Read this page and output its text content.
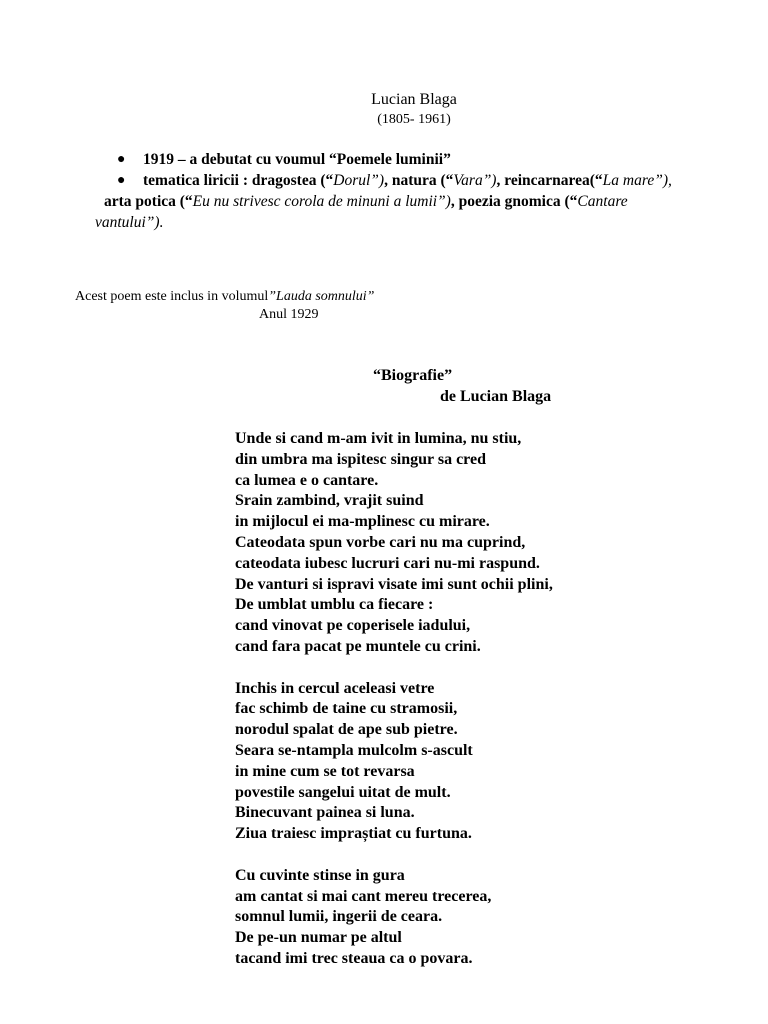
Lucian Blaga
(1805- 1961)
● 1919 – a debutat cu voumul “Poemele luminii”
● tematica liricii : dragostea (“Dorul”), natura (“Vara”), reincarnarea(“La mare”),
arta potica (“Eu nu strivesc corola de minuni a lumii”), poezia gnomica (“Cantare
vantului”).
Acest poem este inclus in volumul”Lauda somnului”
Anul 1929
“Biografie”
de Lucian Blaga
Unde si cand m-am ivit in lumina, nu stiu,
din umbra ma ispitesc singur sa cred
ca lumea e o cantare.
Srain zambind, vrajit suind
in mijlocul ei ma-mplinesc cu mirare.
Cateodata spun vorbe cari nu ma cuprind,
cateodata iubesc lucruri cari nu-mi raspund.
De vanturi si ispravi visate imi sunt ochii plini,
De umblat umblu ca fiecare :
cand vinovat pe coperisele iadului,
cand fara pacat pe muntele cu crini.
Inchis in cercul aceleasi vetre
fac schimb de taine cu stramosii,
norodul spalat de ape sub pietre.
Seara se-ntampla mulcolm s-ascult
in mine cum se tot revarsa
povestile sangelui uitat de mult.
Binecuvant painea si luna.
Ziua traiesc impraștiat cu furtuna.
Cu cuvinte stinse in gura
am cantat si mai cant mereu trecerea,
somnul lumii, ingerii de ceara.
De pe-un numar pe altul
tacand imi trec steaua ca o povara.
